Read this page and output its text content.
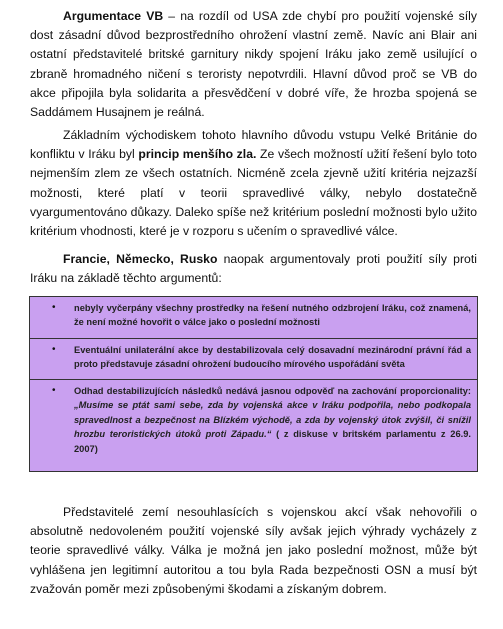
Argumentace VB – na rozdíl od USA zde chybí pro použití vojenské síly dost zásadní důvod bezprostředního ohrožení vlastní země. Navíc ani Blair ani ostatní představitelé britské garnitury nikdy spojení Iráku jako země usilující o zbraně hromadného ničení s teroristy nepotvrdili. Hlavní důvod proč se VB do akce připojila byla solidarita a přesvědčení v dobré víře, že hrozba spojená se Saddámem Husajnem je reálná.

Základním východiskem tohoto hlavního důvodu vstupu Velké Británie do konfliktu v Iráku byl princip menšího zla. Ze všech možností užití řešení bylo toto nejmenším zlem ze všech ostatních. Nicméně zcela zjevně užití kritéria nejzazší možnosti, které platí v teorii spravedlivé války, nebylo dostatečně vyargumentováno důkazy. Daleko spíše než kritérium poslední možnosti bylo užito kritérium vhodnosti, které je v rozporu s učením o spravedlivé válce.

Francie, Německo, Rusko naopak argumentovaly proti použití síly proti Iráku na základě těchto argumentů:

• nebyly vyčerpány všechny prostředky na řešení nutného odzbrojení Iráku, což znamená, že není možné hovořit o válce jako o poslední možnosti
• Eventuální unilaterální akce by destabilizovala celý dosavadní mezinárodní právní řád a proto představuje zásadní ohrožení budoucího mírového uspořádání světa
• Odhad destabilizujících následků nedává jasnou odpověď na zachování proporcionality: „Musíme se ptát sami sebe, zda by vojenská akce v Iráku podpořila, nebo podkopala spravedlnost a bezpečnost na Blízkém východě, a zda by vojenský útok zvýšil, či snížil hrozbu teroristických útoků proti Západu.“ ( z diskuse v britském parlamentu z 26.9. 2007)

Představitelé zemí nesouhlasících s vojenskou akcí však nehovořili o absolutně nedovoleném použití vojenské síly avšak jejich výhrady vycházely z teorie spravedlivé války. Válka je možná jen jako poslední možnost, může být vyhlášena jen legitimní autoritou a tou byla Rada bezpečnosti OSN a musí být zvažován poměr mezi způsobenými škodami a získaným dobrem.
